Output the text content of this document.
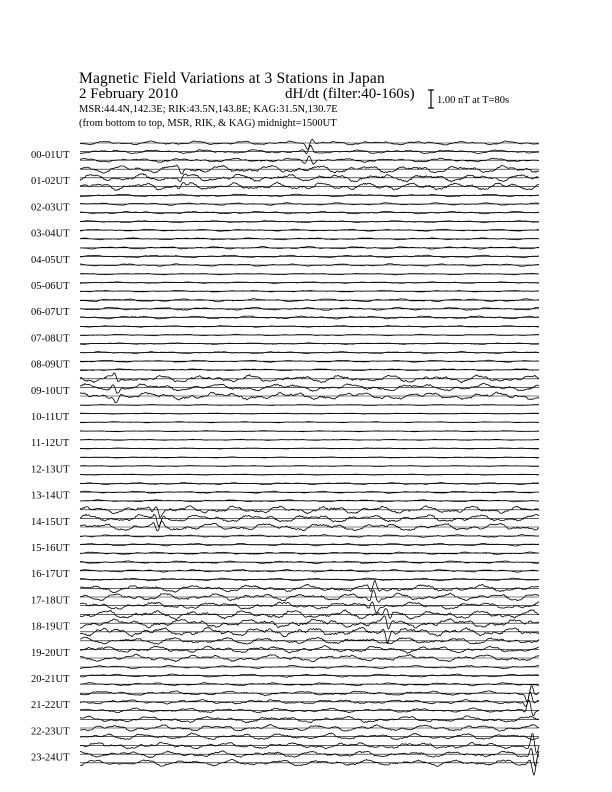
Magnetic Field Variations at 3 Stations in Japan
2 February 2010	dH/dt (filter:40-160s)
MSR:44.4N,142.3E; RIK:43.5N,143.8E; KAG:31.5N,130.7E
(from bottom to top, MSR, RIK, & KAG) midnight=1500UT
1.00 nT at T=80s
00-01UT
01-02UT
02-03UT
03-04UT
04-05UT
05-06UT
06-07UT
07-08UT
08-09UT
09-10UT
10-11UT
11-12UT
12-13UT
13-14UT
14-15UT
15-16UT
16-17UT
17-18UT
18-19UT
19-20UT
20-21UT
21-22UT
22-23UT
23-24UT
